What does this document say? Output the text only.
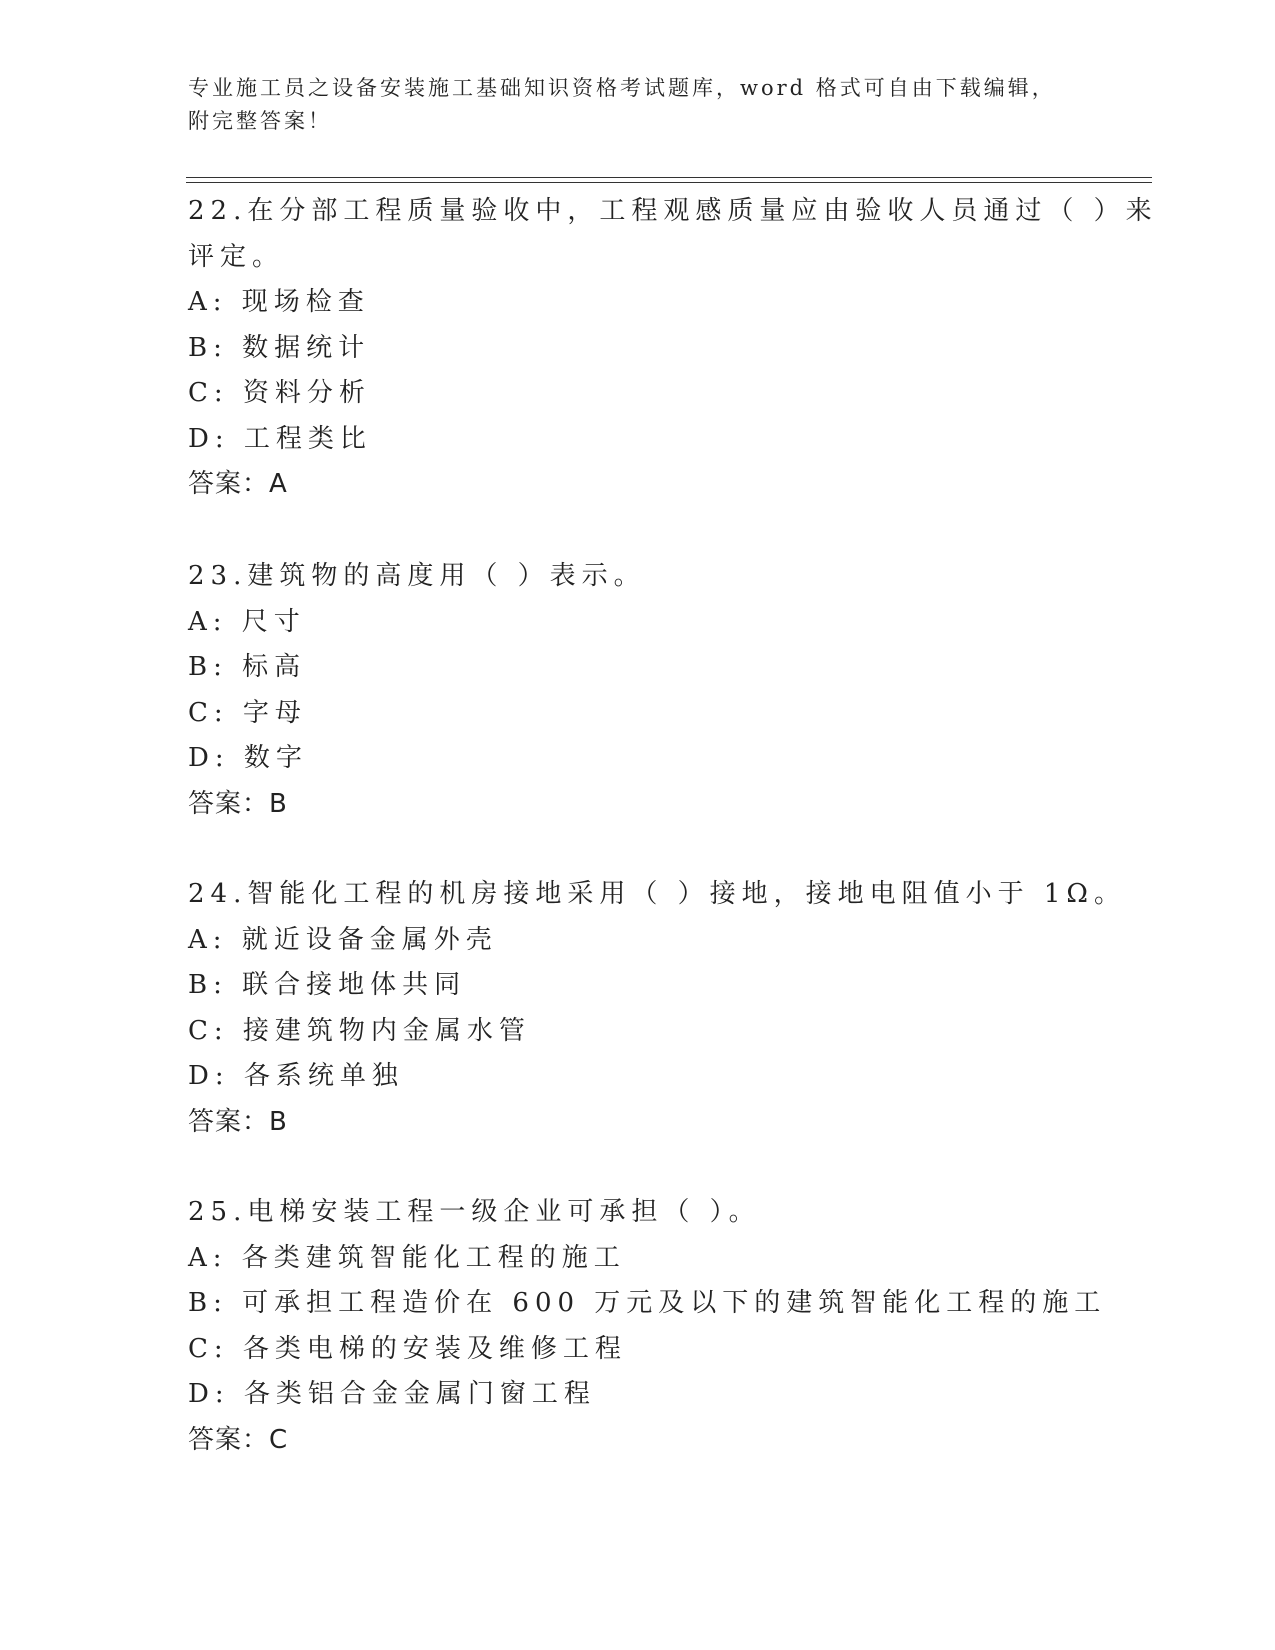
专业施工员之设备安装施工基础知识资格考试题库，word 格式可自由下载编辑，
附完整答案！
22.在分部工程质量验收中，工程观感质量应由验收人员通过（ ）来
评定。
A: 现场检查
B: 数据统计
C: 资料分析
D: 工程类比
答案：A
23.建筑物的高度用（ ）表示。
A: 尺寸
B: 标高
C: 字母
D: 数字
答案：B
24.智能化工程的机房接地采用（ ）接地，接地电阻值小于 1Ω。
A: 就近设备金属外壳
B: 联合接地体共同
C: 接建筑物内金属水管
D: 各系统单独
答案：B
25.电梯安装工程一级企业可承担（ ）。
A: 各类建筑智能化工程的施工
B: 可承担工程造价在 600 万元及以下的建筑智能化工程的施工
C: 各类电梯的安装及维修工程
D: 各类铝合金金属门窗工程
答案：C
